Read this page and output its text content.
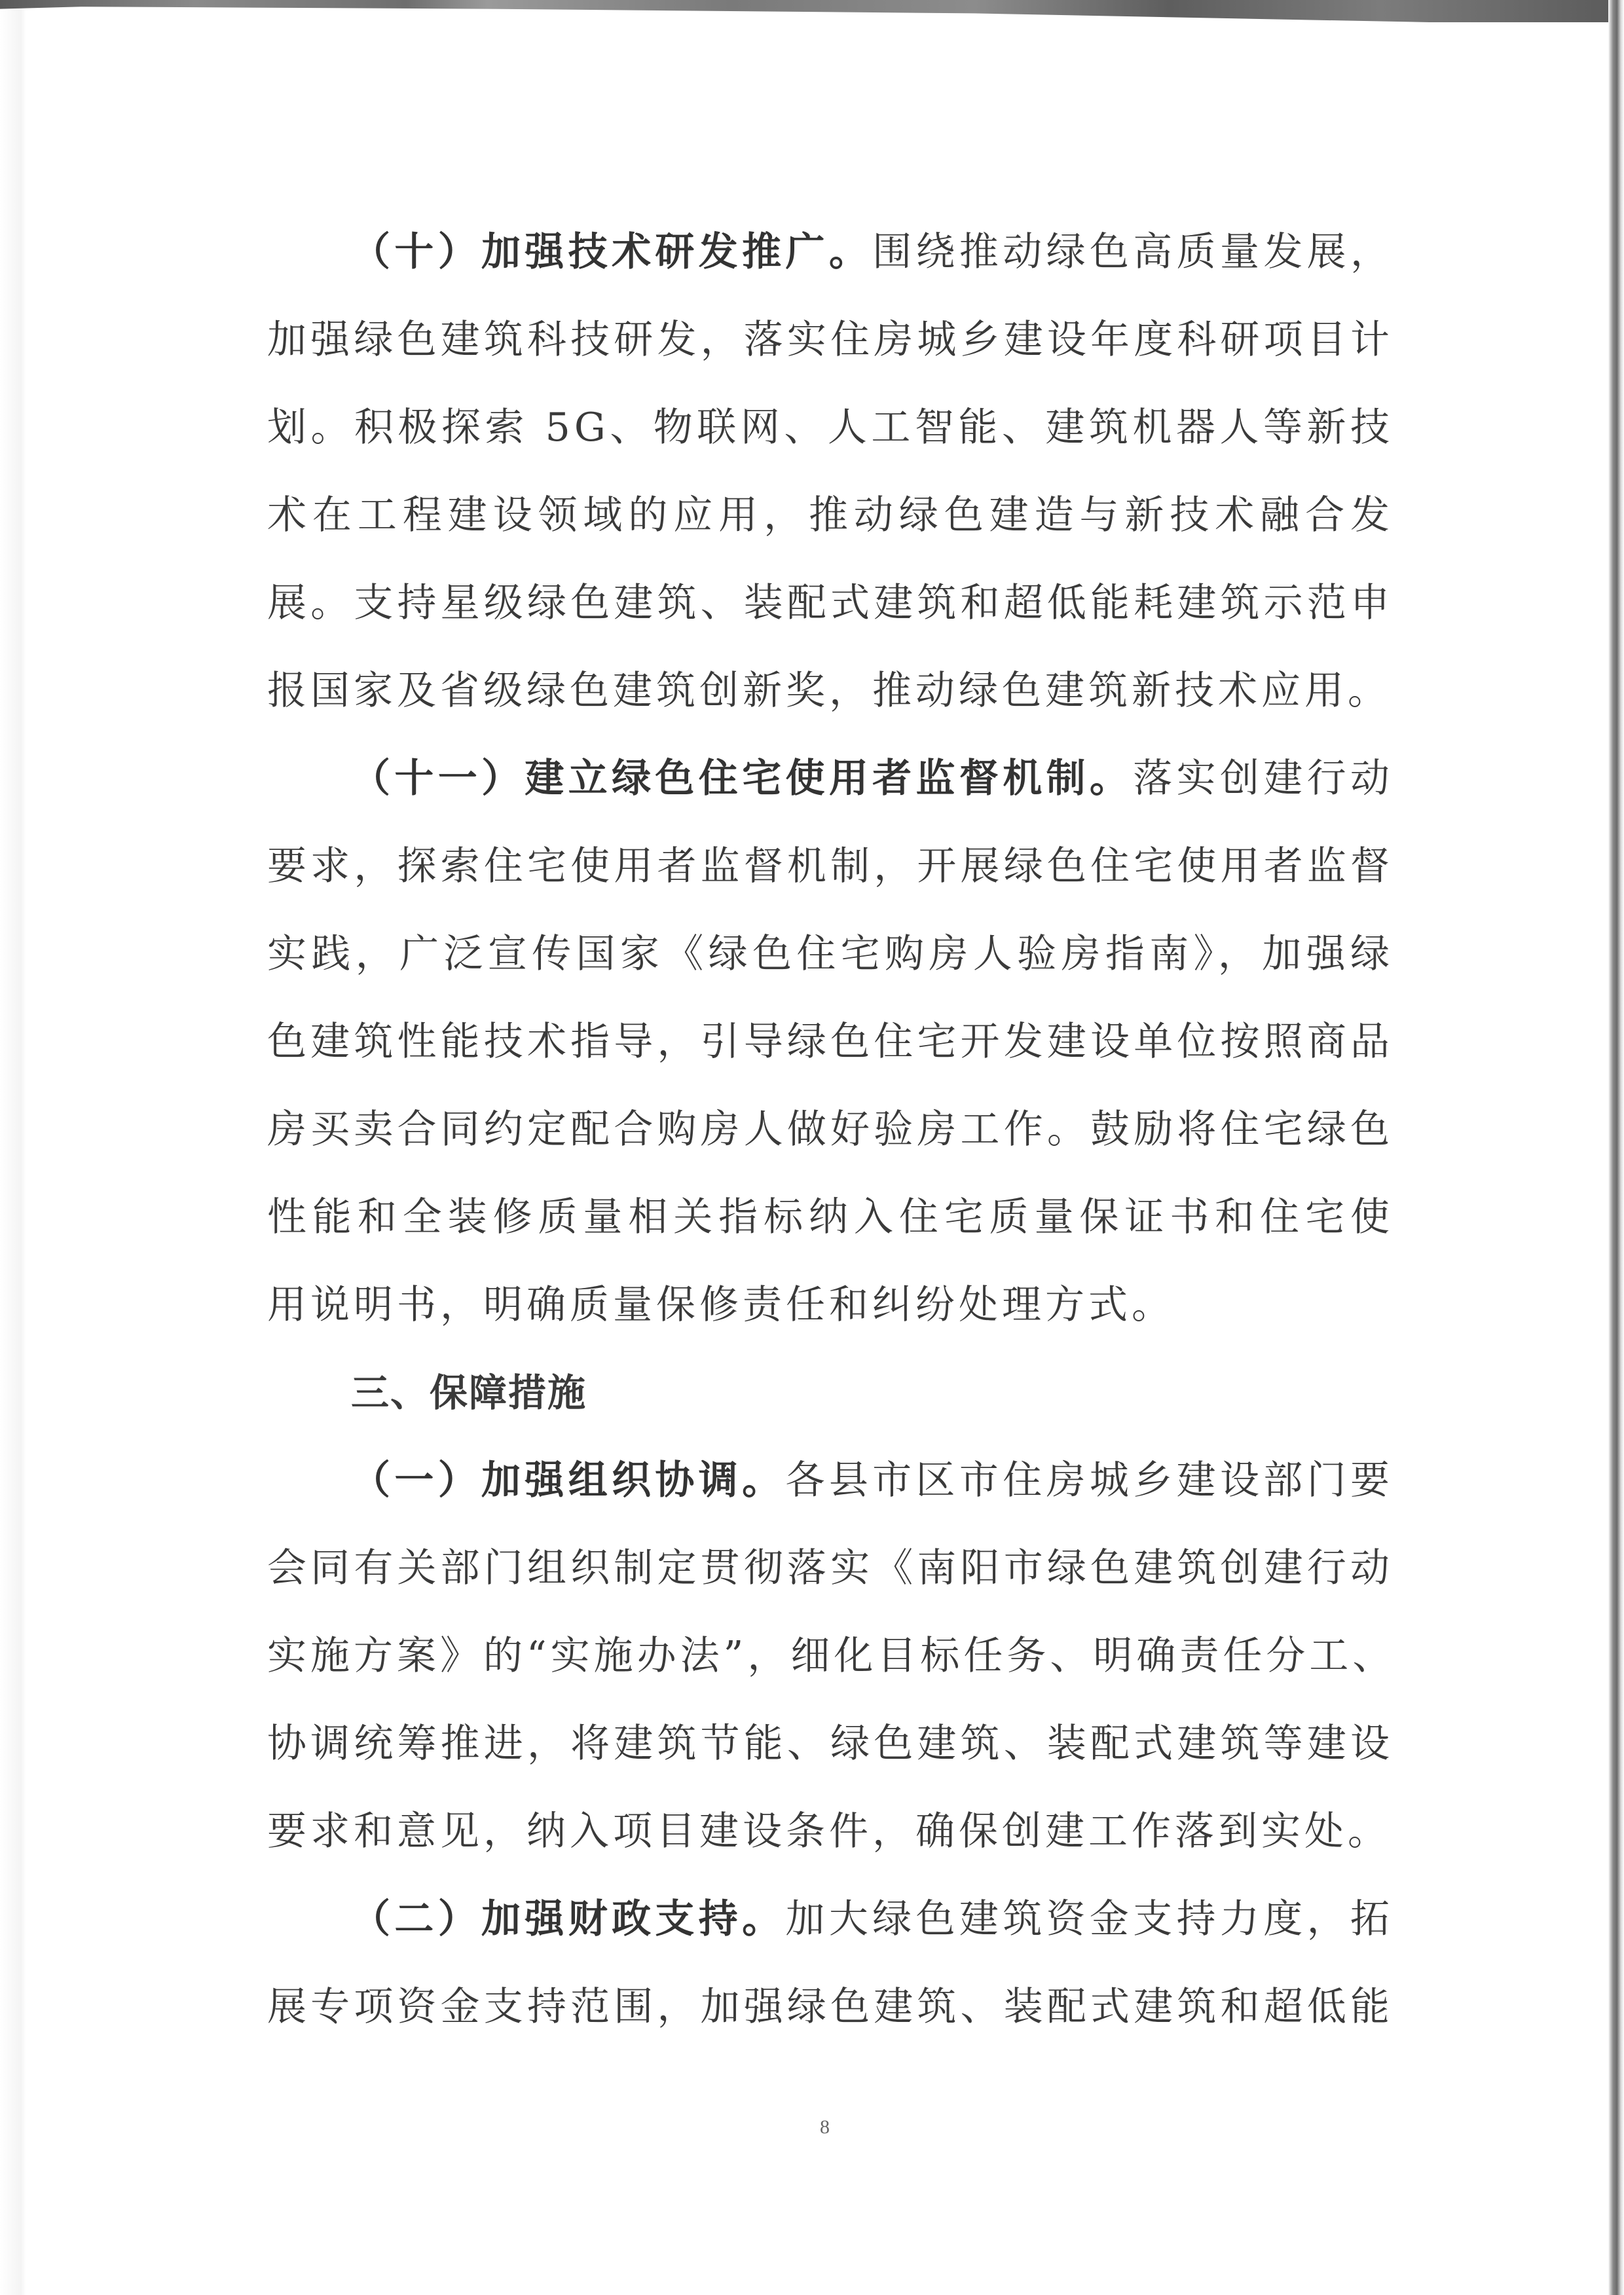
（十）加强技术研发推广。围绕推动绿色高质量发展，
加强绿色建筑科技研发，落实住房城乡建设年度科研项目计
划。积极探索 5G、物联网、人工智能、建筑机器人等新技
术在工程建设领域的应用，推动绿色建造与新技术融合发
展。支持星级绿色建筑、装配式建筑和超低能耗建筑示范申
报国家及省级绿色建筑创新奖，推动绿色建筑新技术应用。
（十一）建立绿色住宅使用者监督机制。落实创建行动
要求，探索住宅使用者监督机制，开展绿色住宅使用者监督
实践，广泛宣传国家《绿色住宅购房人验房指南》，加强绿
色建筑性能技术指导，引导绿色住宅开发建设单位按照商品
房买卖合同约定配合购房人做好验房工作。鼓励将住宅绿色
性能和全装修质量相关指标纳入住宅质量保证书和住宅使
用说明书，明确质量保修责任和纠纷处理方式。
三、保障措施
（一）加强组织协调。各县市区市住房城乡建设部门要
会同有关部门组织制定贯彻落实《南阳市绿色建筑创建行动
实施方案》的“实施办法”，细化目标任务、明确责任分工、
协调统筹推进，将建筑节能、绿色建筑、装配式建筑等建设
要求和意见，纳入项目建设条件，确保创建工作落到实处。
（二）加强财政支持。加大绿色建筑资金支持力度，拓
展专项资金支持范围，加强绿色建筑、装配式建筑和超低能
8
